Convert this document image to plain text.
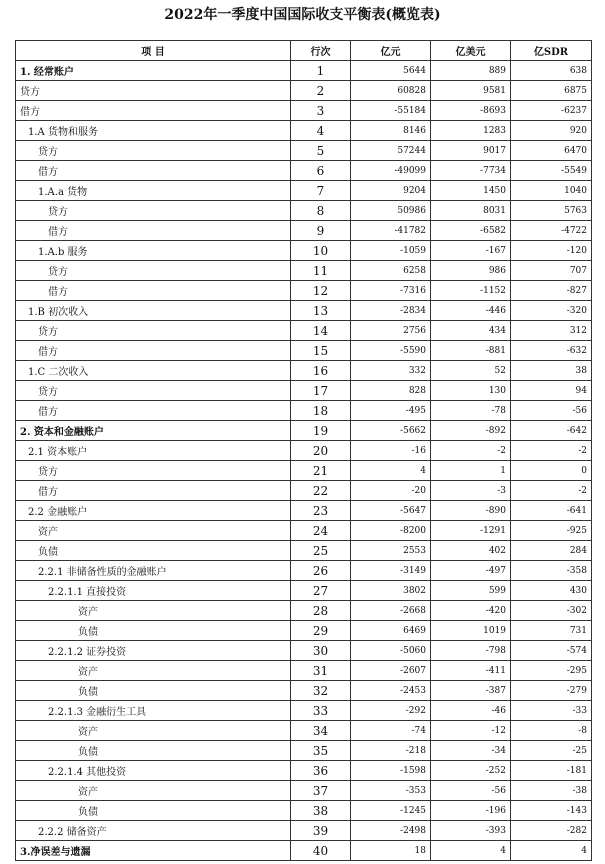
2022年一季度中国国际收支平衡表(概览表)
项 目	行次	亿元	亿美元	亿SDR
1. 经常账户	1	5644	889	638
贷方	2	60828	9581	6875
借方	3	-55184	-8693	-6237
1.A 货物和服务	4	8146	1283	920
贷方	5	57244	9017	6470
借方	6	-49099	-7734	-5549
1.A.a 货物	7	9204	1450	1040
贷方	8	50986	8031	5763
借方	9	-41782	-6582	-4722
1.A.b 服务	10	-1059	-167	-120
贷方	11	6258	986	707
借方	12	-7316	-1152	-827
1.B 初次收入	13	-2834	-446	-320
贷方	14	2756	434	312
借方	15	-5590	-881	-632
1.C 二次收入	16	332	52	38
贷方	17	828	130	94
借方	18	-495	-78	-56
2. 资本和金融账户	19	-5662	-892	-642
2.1 资本账户	20	-16	-2	-2
贷方	21	4	1	0
借方	22	-20	-3	-2
2.2 金融账户	23	-5647	-890	-641
资产	24	-8200	-1291	-925
负债	25	2553	402	284
2.2.1 非储备性质的金融账户	26	-3149	-497	-358
2.2.1.1 直接投资	27	3802	599	430
资产	28	-2668	-420	-302
负债	29	6469	1019	731
2.2.1.2 证券投资	30	-5060	-798	-574
资产	31	-2607	-411	-295
负债	32	-2453	-387	-279
2.2.1.3 金融衍生工具	33	-292	-46	-33
资产	34	-74	-12	-8
负债	35	-218	-34	-25
2.2.1.4 其他投资	36	-1598	-252	-181
资产	37	-353	-56	-38
负债	38	-1245	-196	-143
2.2.2 储备资产	39	-2498	-393	-282
3.净误差与遗漏	40	18	4	4
